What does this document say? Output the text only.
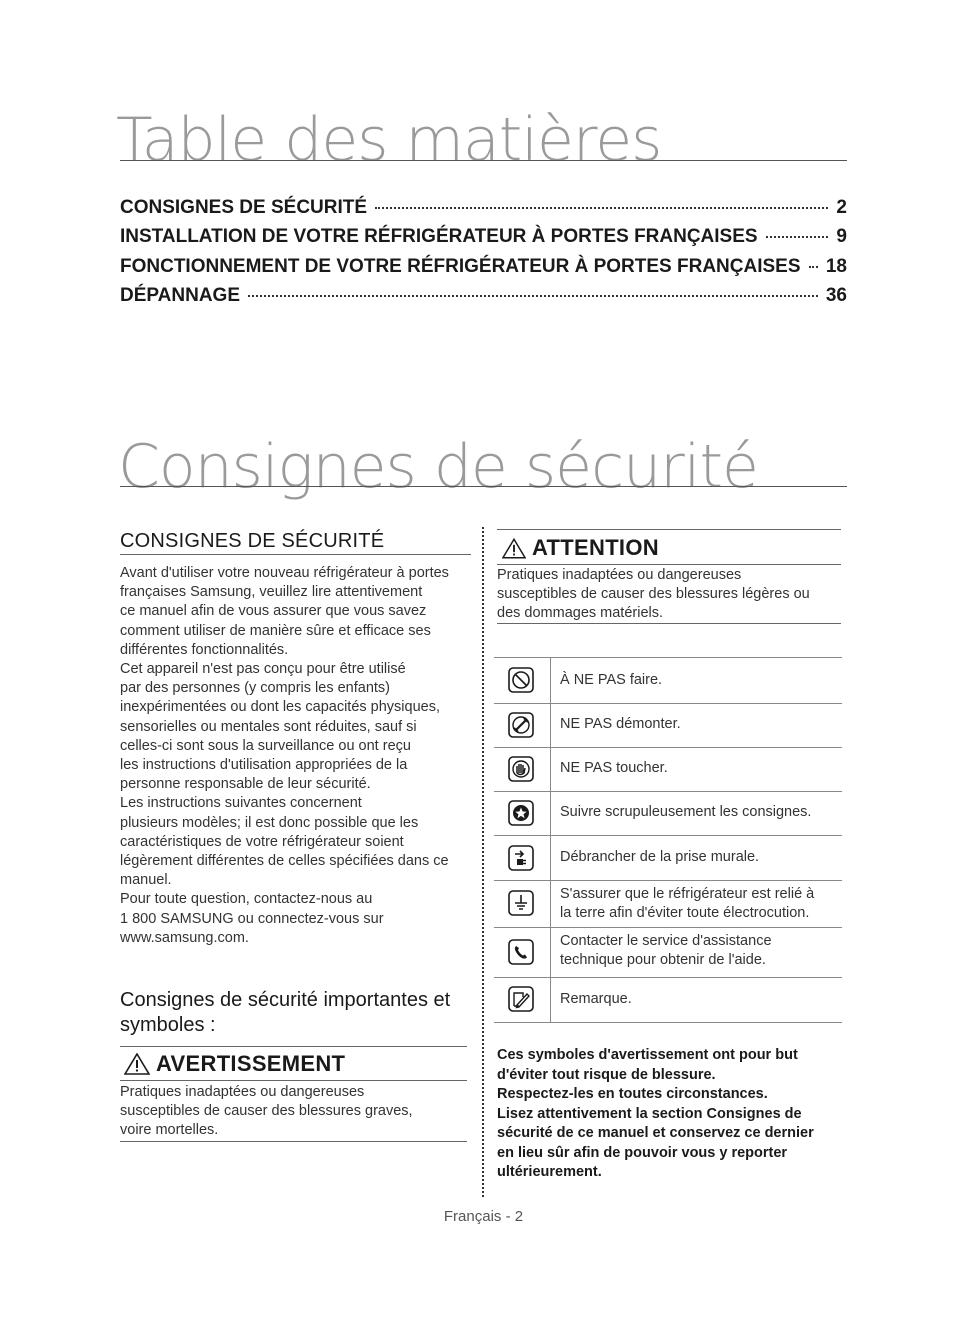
Table des matières
CONSIGNES DE SÉCURITÉ	2
INSTALLATION DE VOTRE RÉFRIGÉRATEUR À PORTES FRANÇAISES	9
FONCTIONNEMENT DE VOTRE RÉFRIGÉRATEUR À PORTES FRANÇAISES 18
DÉPANNAGE	36
Consignes de sécurité
CONSIGNES DE SÉCURITÉ
Avant d'utiliser votre nouveau réfrigérateur à portes
françaises Samsung, veuillez lire attentivement
ce manuel afin de vous assurer que vous savez
comment utiliser de manière sûre et efficace ses
différentes fonctionnalités.
Cet appareil n'est pas conçu pour être utilisé
par des personnes (y compris les enfants)
inexpérimentées ou dont les capacités physiques,
sensorielles ou mentales sont réduites, sauf si
celles-ci sont sous la surveillance ou ont reçu
les instructions d'utilisation appropriées de la
personne responsable de leur sécurité.
Les instructions suivantes concernent
plusieurs modèles; il est donc possible que les
caractéristiques de votre réfrigérateur soient
légèrement différentes de celles spécifiées dans ce
manuel.
Pour toute question, contactez-nous au
1 800 SAMSUNG ou connectez-vous sur
www.samsung.com.
Consignes de sécurité importantes et
symboles :
AVERTISSEMENT
Pratiques inadaptées ou dangereuses
susceptibles de causer des blessures graves,
voire mortelles.
ATTENTION
Pratiques inadaptées ou dangereuses
susceptibles de causer des blessures légères ou
des dommages matériels.
À NE PAS faire.
NE PAS démonter.
NE PAS toucher.
Suivre scrupuleusement les consignes.
Débrancher de la prise murale.
S'assurer que le réfrigérateur est relié à
la terre afin d'éviter toute électrocution.
Contacter le service d'assistance
technique pour obtenir de l'aide.
Remarque.
Ces symboles d'avertissement ont pour but
d'éviter tout risque de blessure.
Respectez-les en toutes circonstances.
Lisez attentivement la section Consignes de
sécurité de ce manuel et conservez ce dernier
en lieu sûr afin de pouvoir vous y reporter
ultérieurement.
Français - 2
